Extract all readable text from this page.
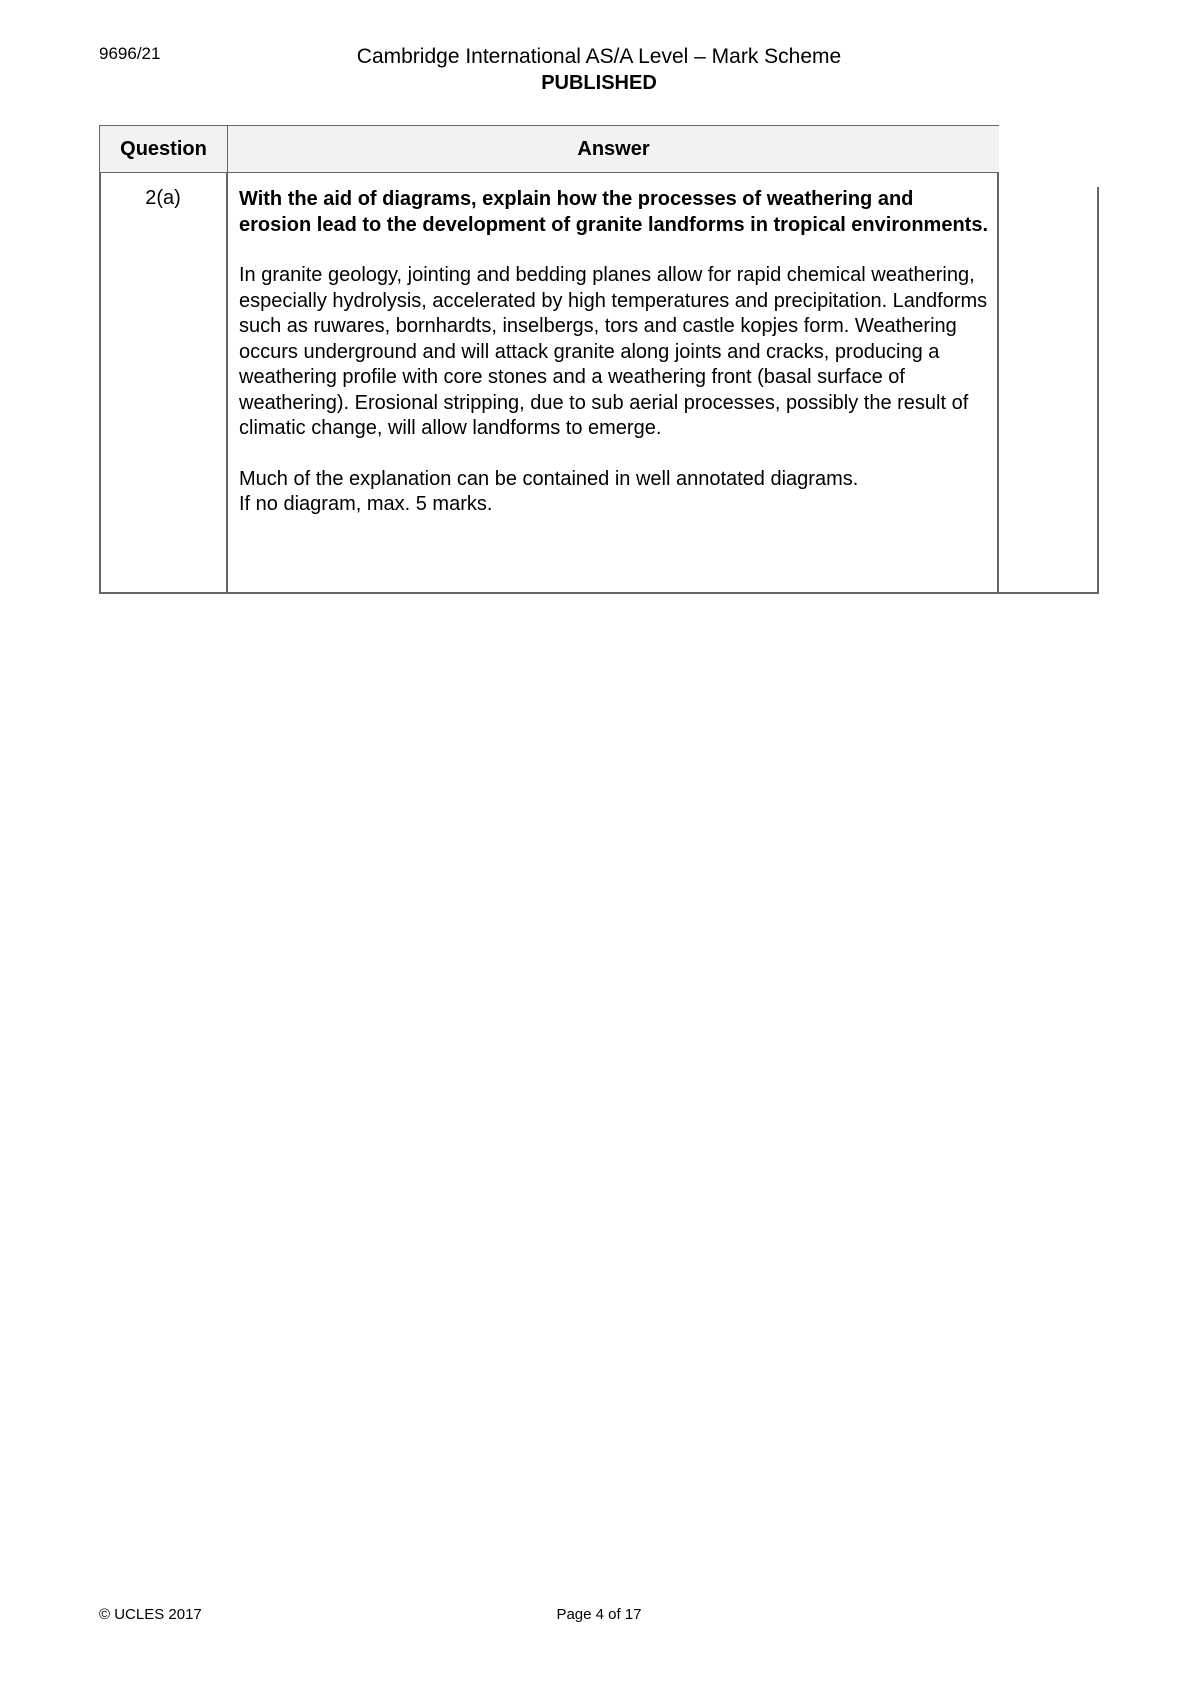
9696/21	Cambridge International AS/A Level – Mark Scheme
PUBLISHED
Question	Answer
2(a)	With the aid of diagrams, explain how the processes of weathering and erosion lead to the development of granite landforms in tropical environments.

In granite geology, jointing and bedding planes allow for rapid chemical weathering, especially hydrolysis, accelerated by high temperatures and precipitation. Landforms such as ruwares, bornhardts, inselbergs, tors and castle kopjes form. Weathering occurs underground and will attack granite along joints and cracks, producing a weathering profile with core stones and a weathering front (basal surface of weathering). Erosional stripping, due to sub aerial processes, possibly the result of climatic change, will allow landforms to emerge.

Much of the explanation can be contained in well annotated diagrams.
If no diagram, max. 5 marks.
© UCLES 2017	Page 4 of 17
